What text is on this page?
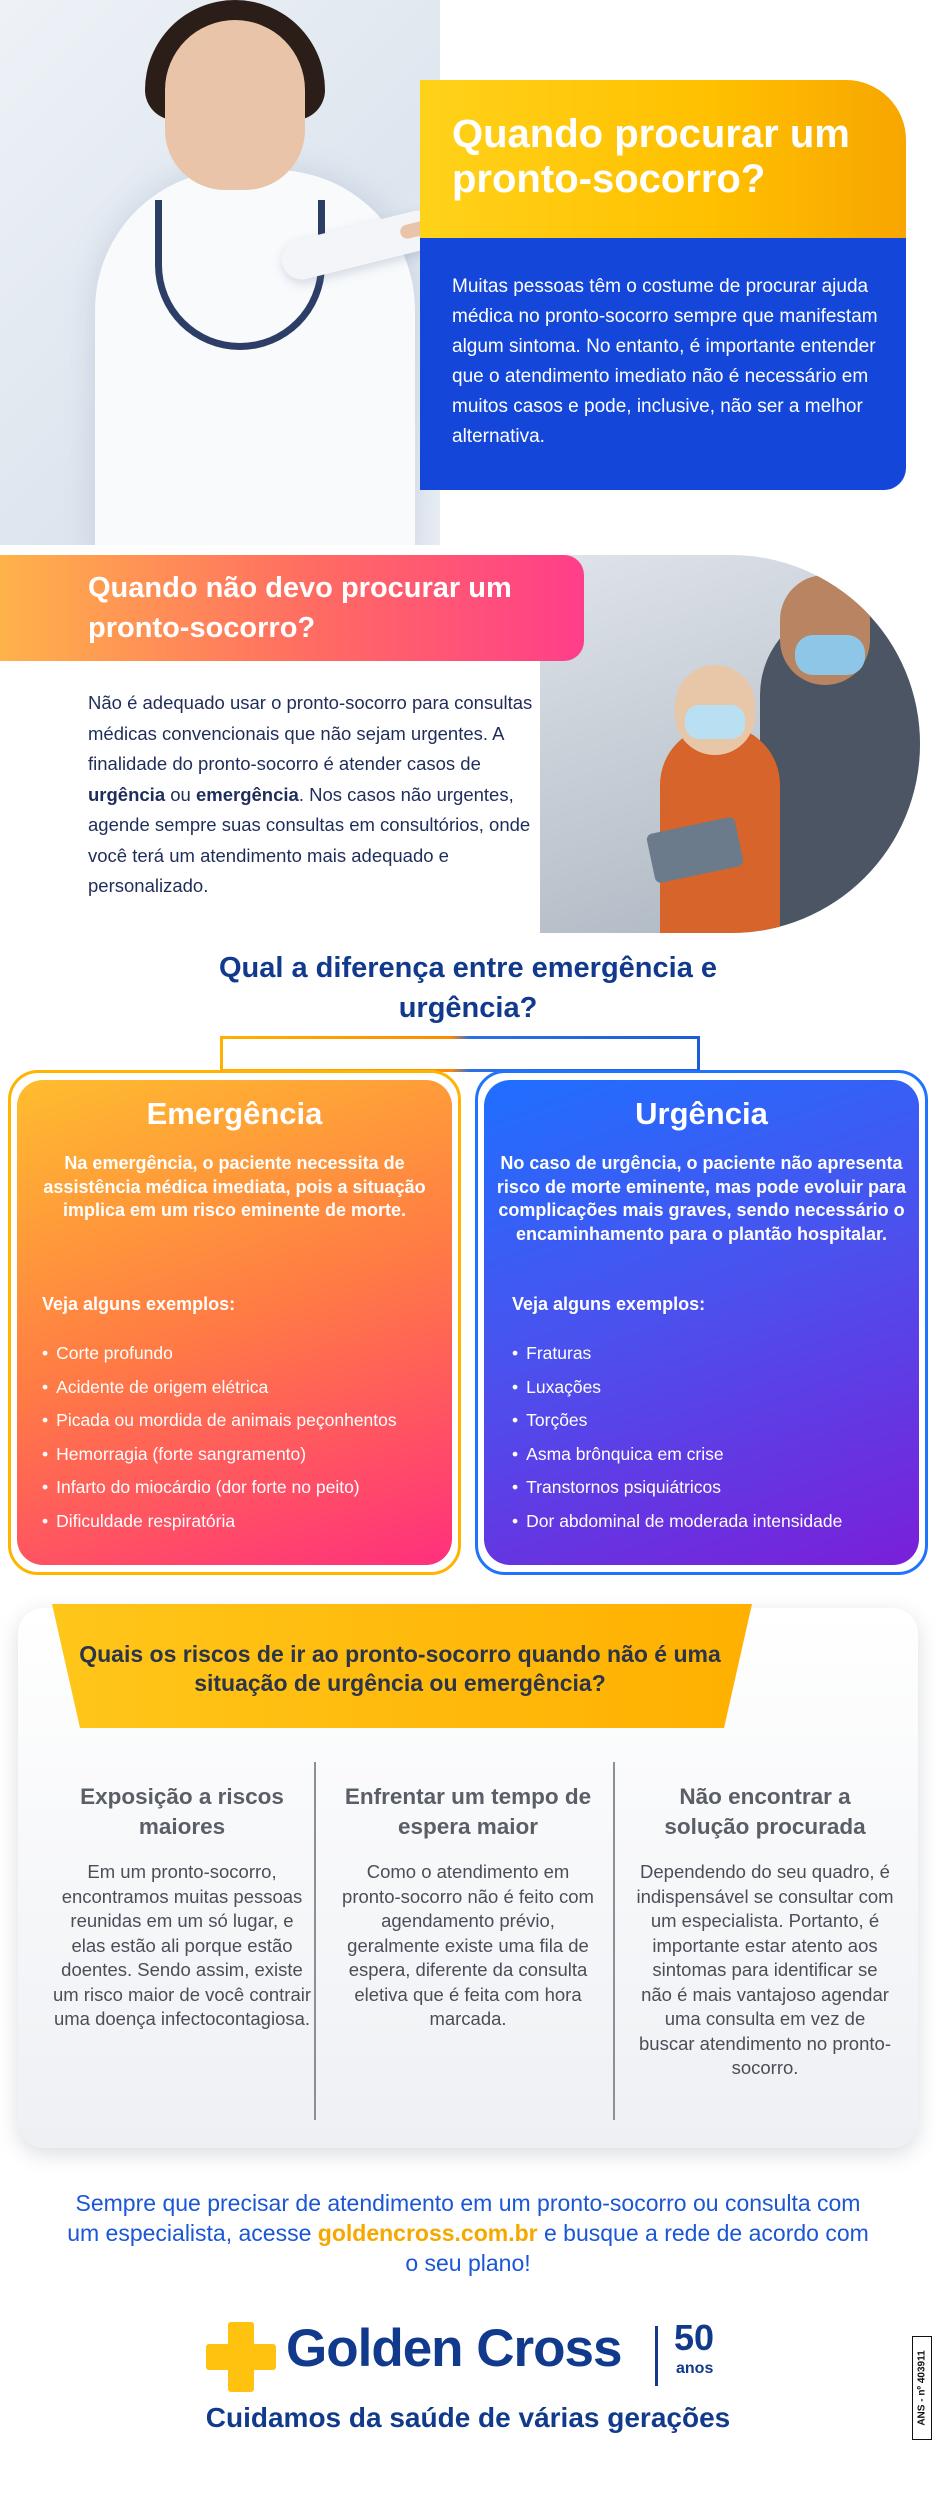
Quando procurar um pronto-socorro?

Muitas pessoas têm o costume de procurar ajuda médica no pronto-socorro sempre que manifestam algum sintoma. No entanto, é importante entender que o atendimento imediato não é necessário em muitos casos e pode, inclusive, não ser a melhor alternativa.

Quando não devo procurar um pronto-socorro?

Não é adequado usar o pronto-socorro para consultas médicas convencionais que não sejam urgentes. A finalidade do pronto-socorro é atender casos de urgência ou emergência. Nos casos não urgentes, agende sempre suas consultas em consultórios, onde você terá um atendimento mais adequado e personalizado.

Qual a diferença entre emergência e urgência?
Emergência

Na emergência, o paciente necessita de assistência médica imediata, pois a situação implica em um risco eminente de morte.

Veja alguns exemplos:
• Corte profundo
• Acidente de origem elétrica
• Picada ou mordida de animais peçonhentos
• Hemorragia (forte sangramento)
• Infarto do miocárdio (dor forte no peito)
• Dificuldade respiratória
Urgência

No caso de urgência, o paciente não apresenta risco de morte eminente, mas pode evoluir para complicações mais graves, sendo necessário o encaminhamento para o plantão hospitalar.

Veja alguns exemplos:
• Fraturas
• Luxações
• Torções
• Asma brônquica em crise
• Transtornos psiquiátricos
• Dor abdominal de moderada intensidade
Quais os riscos de ir ao pronto-socorro quando não é uma situação de urgência ou emergência?
Exposição a riscos maiores

Em um pronto-socorro, encontramos muitas pessoas reunidas em um só lugar, e elas estão ali porque estão doentes. Sendo assim, existe um risco maior de você contrair uma doença infectocontagiosa.

Enfrentar um tempo de espera maior

Como o atendimento em pronto-socorro não é feito com agendamento prévio, geralmente existe uma fila de espera, diferente da consulta eletiva que é feita com hora marcada.

Não encontrar a solução procurada

Dependendo do seu quadro, é indispensável se consultar com um especialista. Portanto, é importante estar atento aos sintomas para identificar se não é mais vantajoso agendar uma consulta em vez de buscar atendimento no pronto-socorro.

Sempre que precisar de atendimento em um pronto-socorro ou consulta com um especialista, acesse goldencross.com.br e busque a rede de acordo com o seu plano!

Golden Cross 50
anos
Cuidamos da saúde de várias gerações	ANS - nº 403911
